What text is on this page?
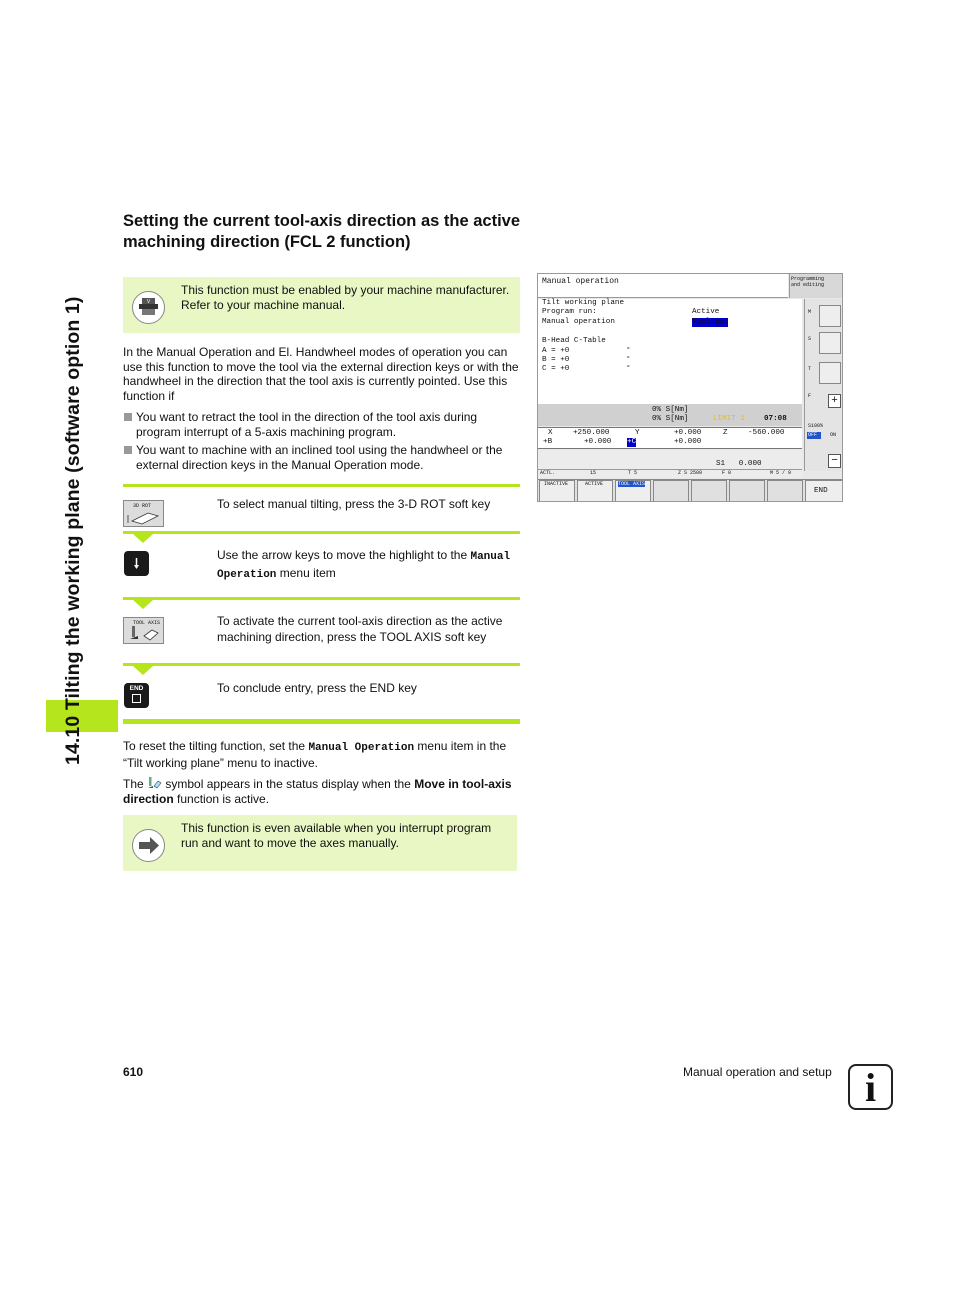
14.10 Tilting the working plane (software option 1)
Setting the current tool-axis direction as the active machining direction (FCL 2 function)
V

This function must be enabled by your machine manufacturer. Refer to your machine manual.

In the Manual Operation and El. Handwheel modes of operation you can use this function to move the tool via the external direction keys or with the handwheel in the direction that the tool axis is currently pointed. Use this function if

You want to retract the tool in the direction of the tool axis during program interrupt of a 5-axis machining program.
You want to machine with an inclined tool using the handwheel or the external direction keys in the Manual Operation mode.
3D ROT	To select manual tilting, press the 3-D ROT soft key

Use the arrow keys to move the highlight to the Manual Operation menu item

TOOL AXIS	To activate the current tool-axis direction as the active machining direction, press the TOOL AXIS soft key

END	To conclude entry, press the END key

To reset the tilting function, set the Manual Operation menu item in the “Tilt working plane” menu to inactive.

The symbol appears in the status display when the Move in tool-axis direction function is active.

This function is even available when you interrupt program run and want to move the axes manually.

Manual operation	Programming
and editing
Tilt working plane
Program run:	Active
Manual operation	Tool ax.
B-Head C-Table
A = +0	°
B = +0	°
C = +0	°
M
S
T
+
F
S100%
OFF	ON
−
0% S[Nm]
0% S[Nm]	LIMIT 1	07:08
X	+250.000	Y	+0.000	Z	-560.000
+B	+0.000 +C	+0.000
S1   0.000
ACTL.	15	T 5	Z S 2500	F 0	M 5 / 9
INACTIVE	ACTIVE	TOOL AXIS
END
610	Manual operation and setup i
